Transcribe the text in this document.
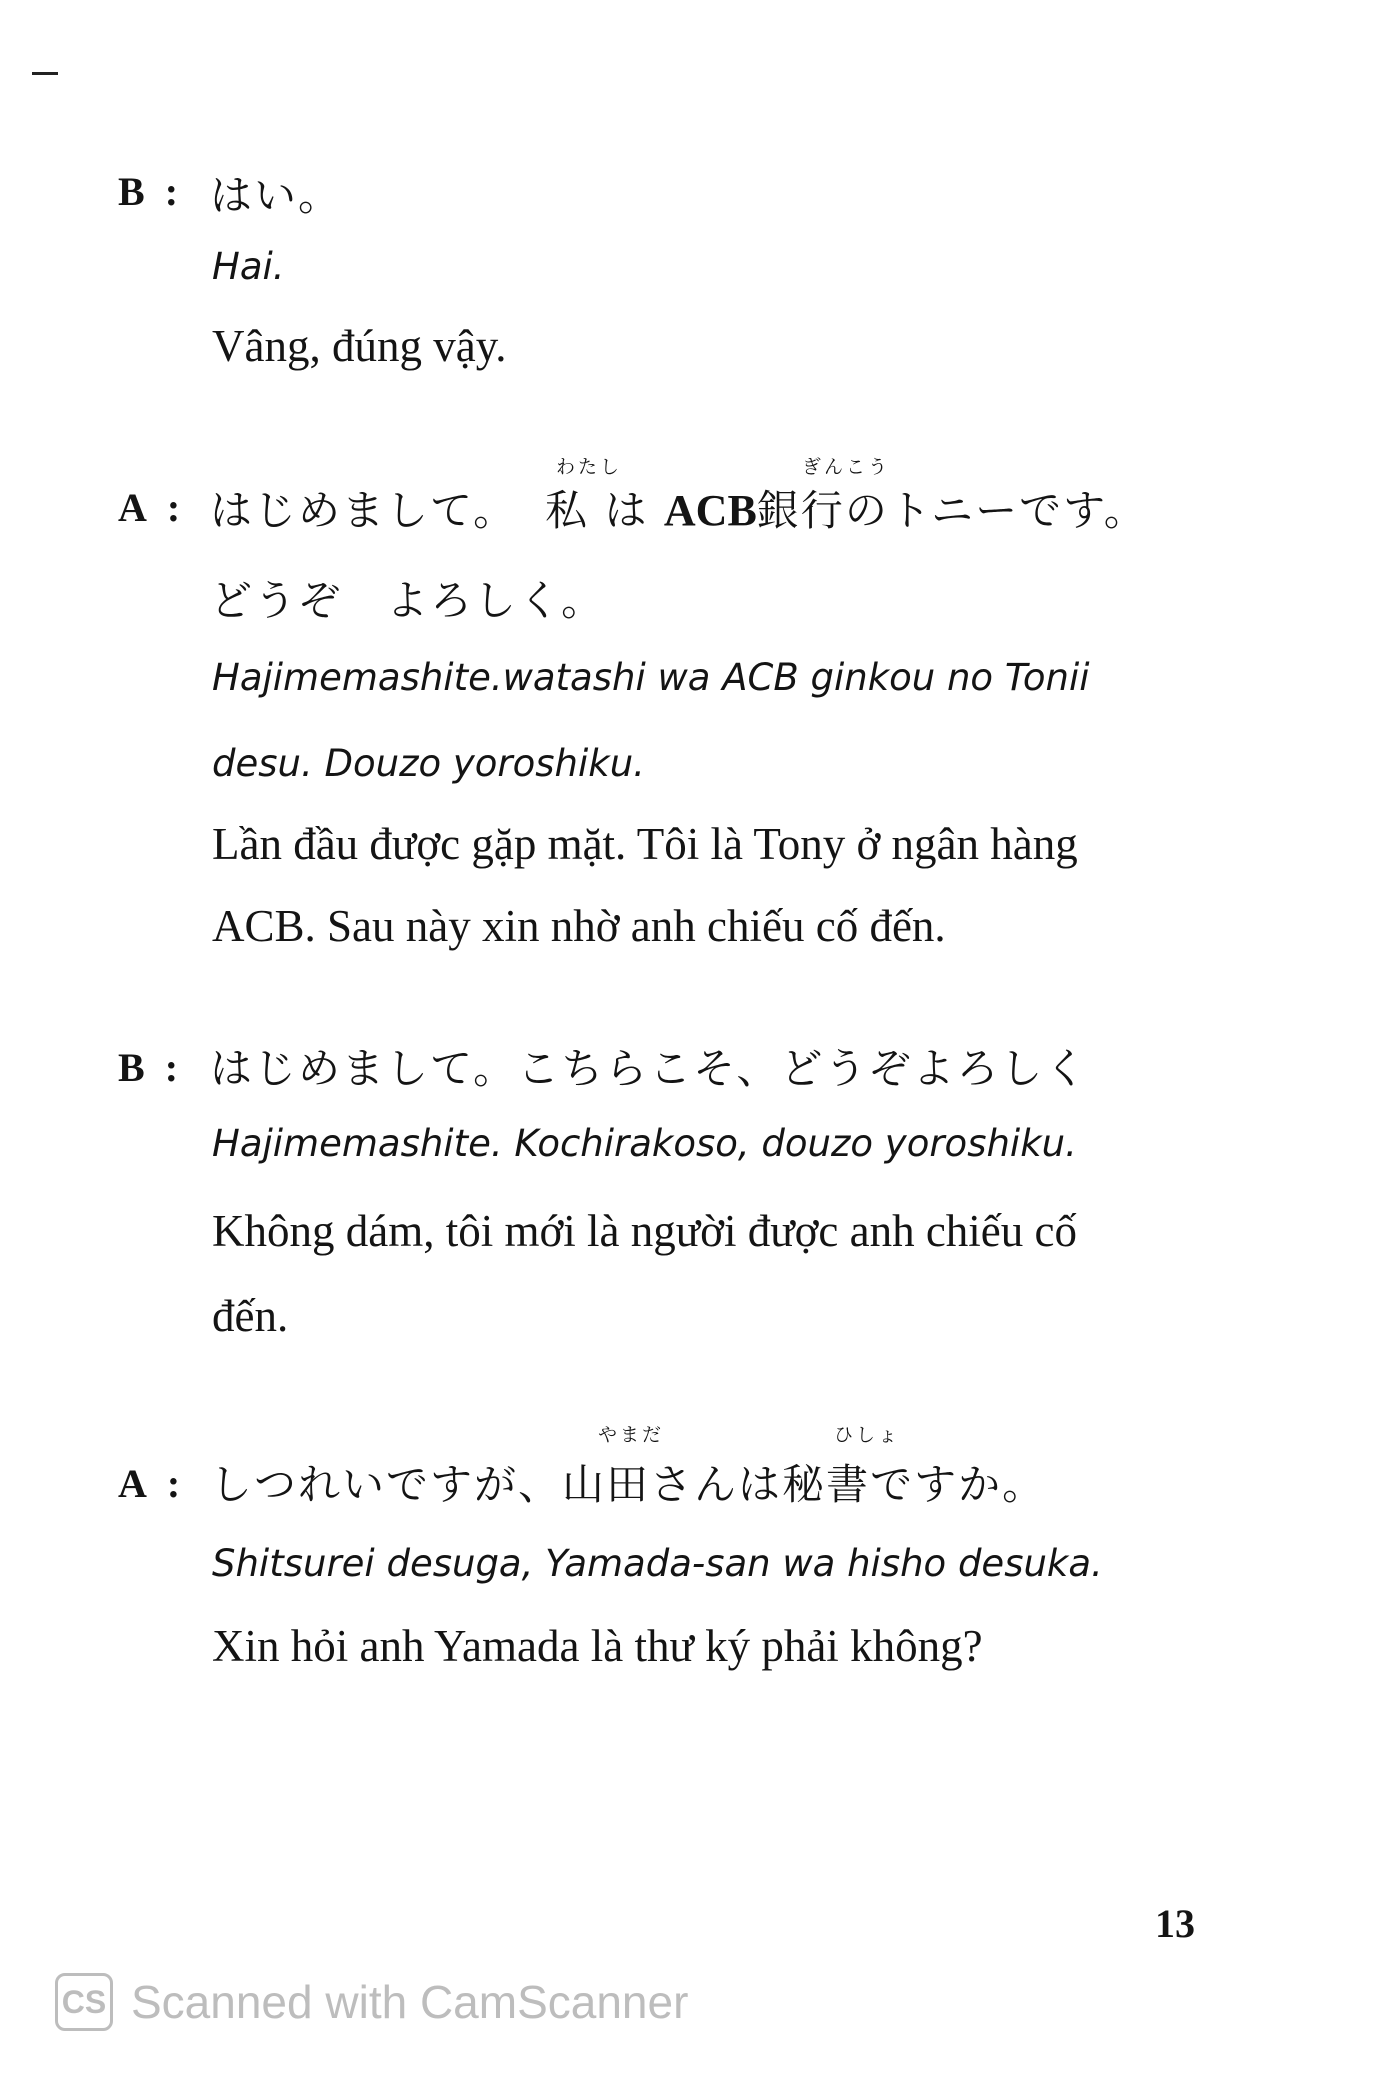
B : はい。
Hai.
Vâng, đúng vậy.
わたし	ぎんこう
A : はじめまして。 私 は ACB銀行のトニーです。
どうぞ　よろしく。
Hajimemashite.watashi wa ACB ginkou no Tonii
desu. Douzo yoroshiku.
Lần đầu được gặp mặt. Tôi là Tony ở ngân hàng
ACB. Sau này xin nhờ anh chiếu cố đến.
B : はじめまして。こちらこそ、どうぞよろしく
Hajimemashite. Kochirakoso, douzo yoroshiku.
Không dám, tôi mới là người được anh chiếu cố
đến.
やまだ	ひしょ
A : しつれいですが、山田さんは秘書ですか。
Shitsurei desuga, Yamada-san wa hisho desuka.
Xin hỏi anh Yamada là thư ký phải không?
13
CS Scanned with CamScanner
